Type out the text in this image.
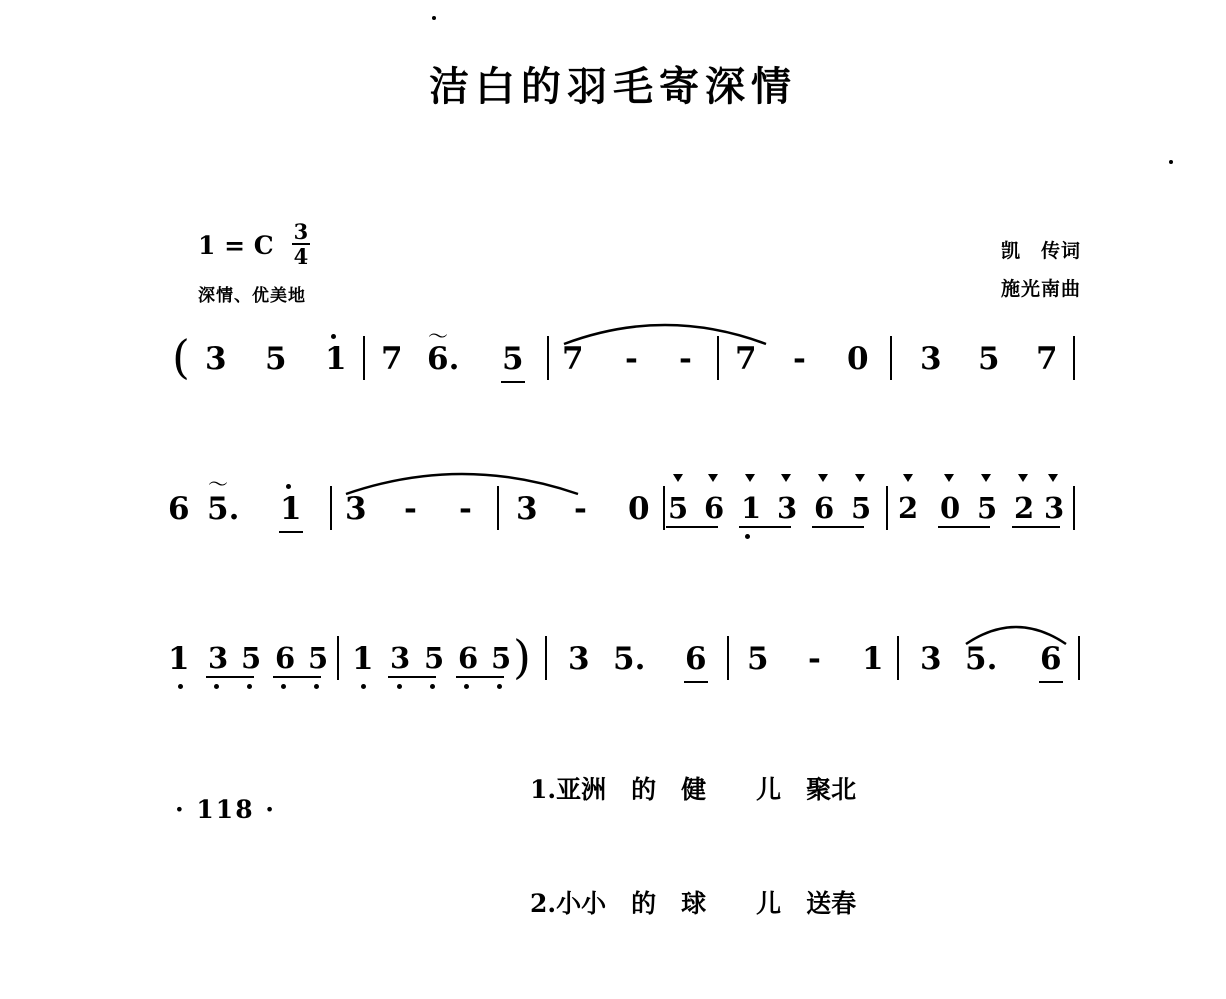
洁白的羽毛寄深情
1 = C $\frac{3}{4}$
深情、优美地
凯　传词
施光南曲
( 3 5 1 7
〜
6. 5 7 - - 7 - 0 3 5 7
6
〜
5. 1 3 - - 3 - 0 5 6 1 3 6 5 2 0 5 2 3
1 3 5 6 5 1 3 5 6 5 ) 3 5. 6 5 - 1 3 5. 6

1.亚洲　的　健　　儿　聚北

2.小小　的　球　　儿　送春

· 118 ·
